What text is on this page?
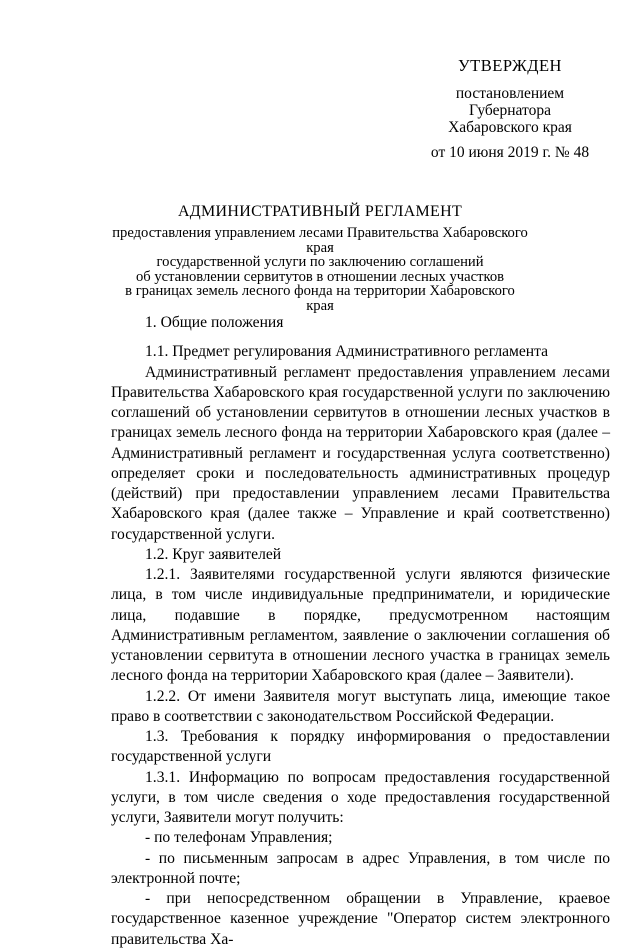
УТВЕРЖДЕН
постановлением
Губернатора
Хабаровского края
от 10 июня 2019 г. № 48
АДМИНИСТРАТИВНЫЙ РЕГЛАМЕНТ
предоставления управлением лесами Правительства Хабаровского края
государственной услуги по заключению соглашений
об установлении сервитутов в отношении лесных участков
в границах земель лесного фонда на территории Хабаровского края

1. Общие положения

1.1. Предмет регулирования Административного регламента

Административный регламент предоставления управлением лесами Правительства Хабаровского края государственной услуги по заключению соглашений об установлении сервитутов в отношении лесных участков в границах земель лесного фонда на территории Хабаровского края (далее – Административный регламент и государственная услуга соответственно) определяет сроки и последовательность административных процедур (действий) при предоставлении управлением лесами Правительства Хабаровского края (далее также – Управление и край соответственно) государственной услуги.

1.2. Круг заявителей

1.2.1. Заявителями государственной услуги являются физические лица, в том числе индивидуальные предприниматели, и юридические лица, подавшие в порядке, предусмотренном настоящим Административным регламентом, заявление о заключении соглашения об установлении сервитута в отношении лесного участка в границах земель лесного фонда на территории Хабаровского края (далее – Заявители).

1.2.2. От имени Заявителя могут выступать лица, имеющие такое право в соответствии с законодательством Российской Федерации.

1.3. Требования к порядку информирования о предоставлении государственной услуги

1.3.1. Информацию по вопросам предоставления государственной услуги, в том числе сведения о ходе предоставления государственной услуги, Заявители могут получить:

- по телефонам Управления;

- по письменным запросам в адрес Управления, в том числе по электронной почте;

- при непосредственном обращении в Управление, краевое государственное казенное учреждение "Оператор систем электронного правительства Ха-
